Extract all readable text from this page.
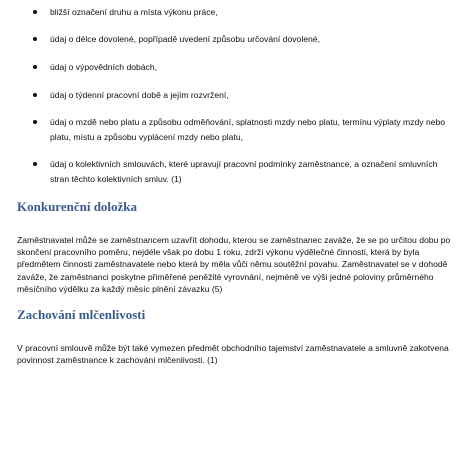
bližší označení druhu a místa výkonu práce,
údaj o délce dovolené, popřípadě uvedení způsobu určování dovolené,
údaj o výpovědních dobách,
údaj o týdenní pracovní době a jejím rozvržení,
údaj o mzdě nebo platu a způsobu odměňování, splatnosti mzdy nebo platu, termínu výplaty mzdy nebo platu, místu a způsobu vyplácení mzdy nebo platu,
údaj o kolektivních smlouvách, které upravují pracovní podmínky zaměstnance, a označení smluvních stran těchto kolektivních smluv. (1)
Konkurenční doložka

Zaměstnavatel může se zaměstnancem uzavřít dohodu, kterou se zaměstnanec zaváže, že se po určitou dobu po skončení pracovního poměru, nejdéle však po dobu 1 roku, zdrží výkonu výdělečné činnosti, která by byla předmětem činnosti zaměstnavatele nebo která by měla vůči němu soutěžní povahu. Zaměstnavatel se v dohodě zaváže, že zaměstnanci poskytne přiměřené peněžité vyrovnání, nejméně ve výši jedné poloviny průměrného měsíčního výdělku za každý měsíc plnění závazku (5)

Zachování mlčenlivosti

V pracovní smlouvě může být také vymezen předmět obchodního tajemství zaměstnavatele a smluvně zakotvena povinnost zaměstnance k zachování mlčenlivosti. (1)
